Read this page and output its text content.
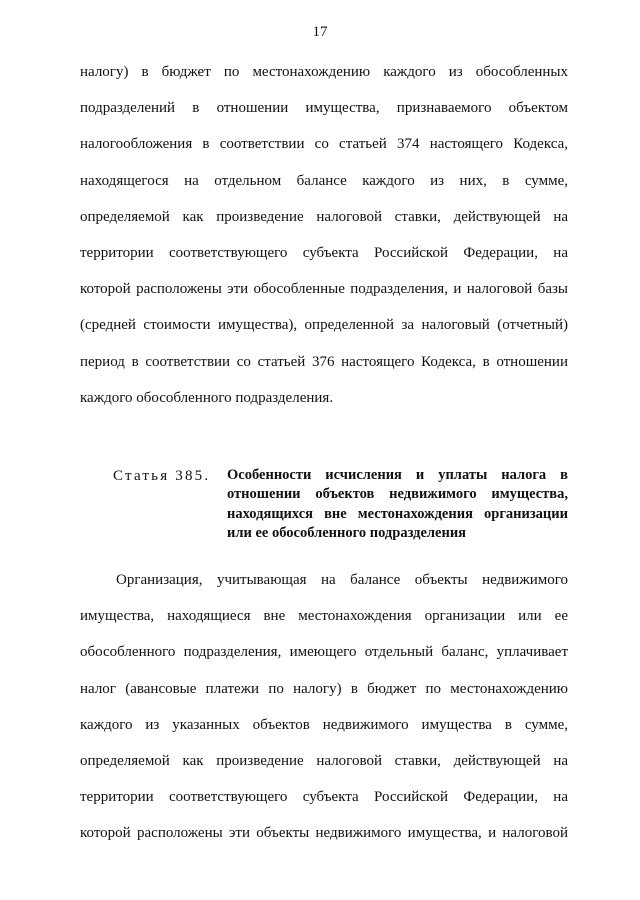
17
налогу) в бюджет по местонахождению каждого из обособленных
подразделений в отношении имущества, признаваемого объектом
налогообложения в соответствии со статьей 374 настоящего Кодекса,
находящегося на отдельном балансе каждого из них, в сумме,
определяемой как произведение налоговой ставки, действующей на
территории соответствующего субъекта Российской Федерации, на
которой расположены эти обособленные подразделения, и налоговой базы
(средней стоимости имущества), определенной за налоговый (отчетный)
период в соответствии со статьей 376 настоящего Кодекса, в отношении
каждого обособленного подразделения.
Статья 385. Особенности исчисления и уплаты налога в
отношении объектов недвижимого имущества,
находящихся вне местонахождения организации
или ее обособленного подразделения
Организация, учитывающая на балансе объекты недвижимого
имущества, находящиеся вне местонахождения организации или ее
обособленного подразделения, имеющего отдельный баланс, уплачивает
налог (авансовые платежи по налогу) в бюджет по местонахождению
каждого из указанных объектов недвижимого имущества в сумме,
определяемой как произведение налоговой ставки, действующей на
территории соответствующего субъекта Российской Федерации, на
которой расположены эти объекты недвижимого имущества, и налоговой
